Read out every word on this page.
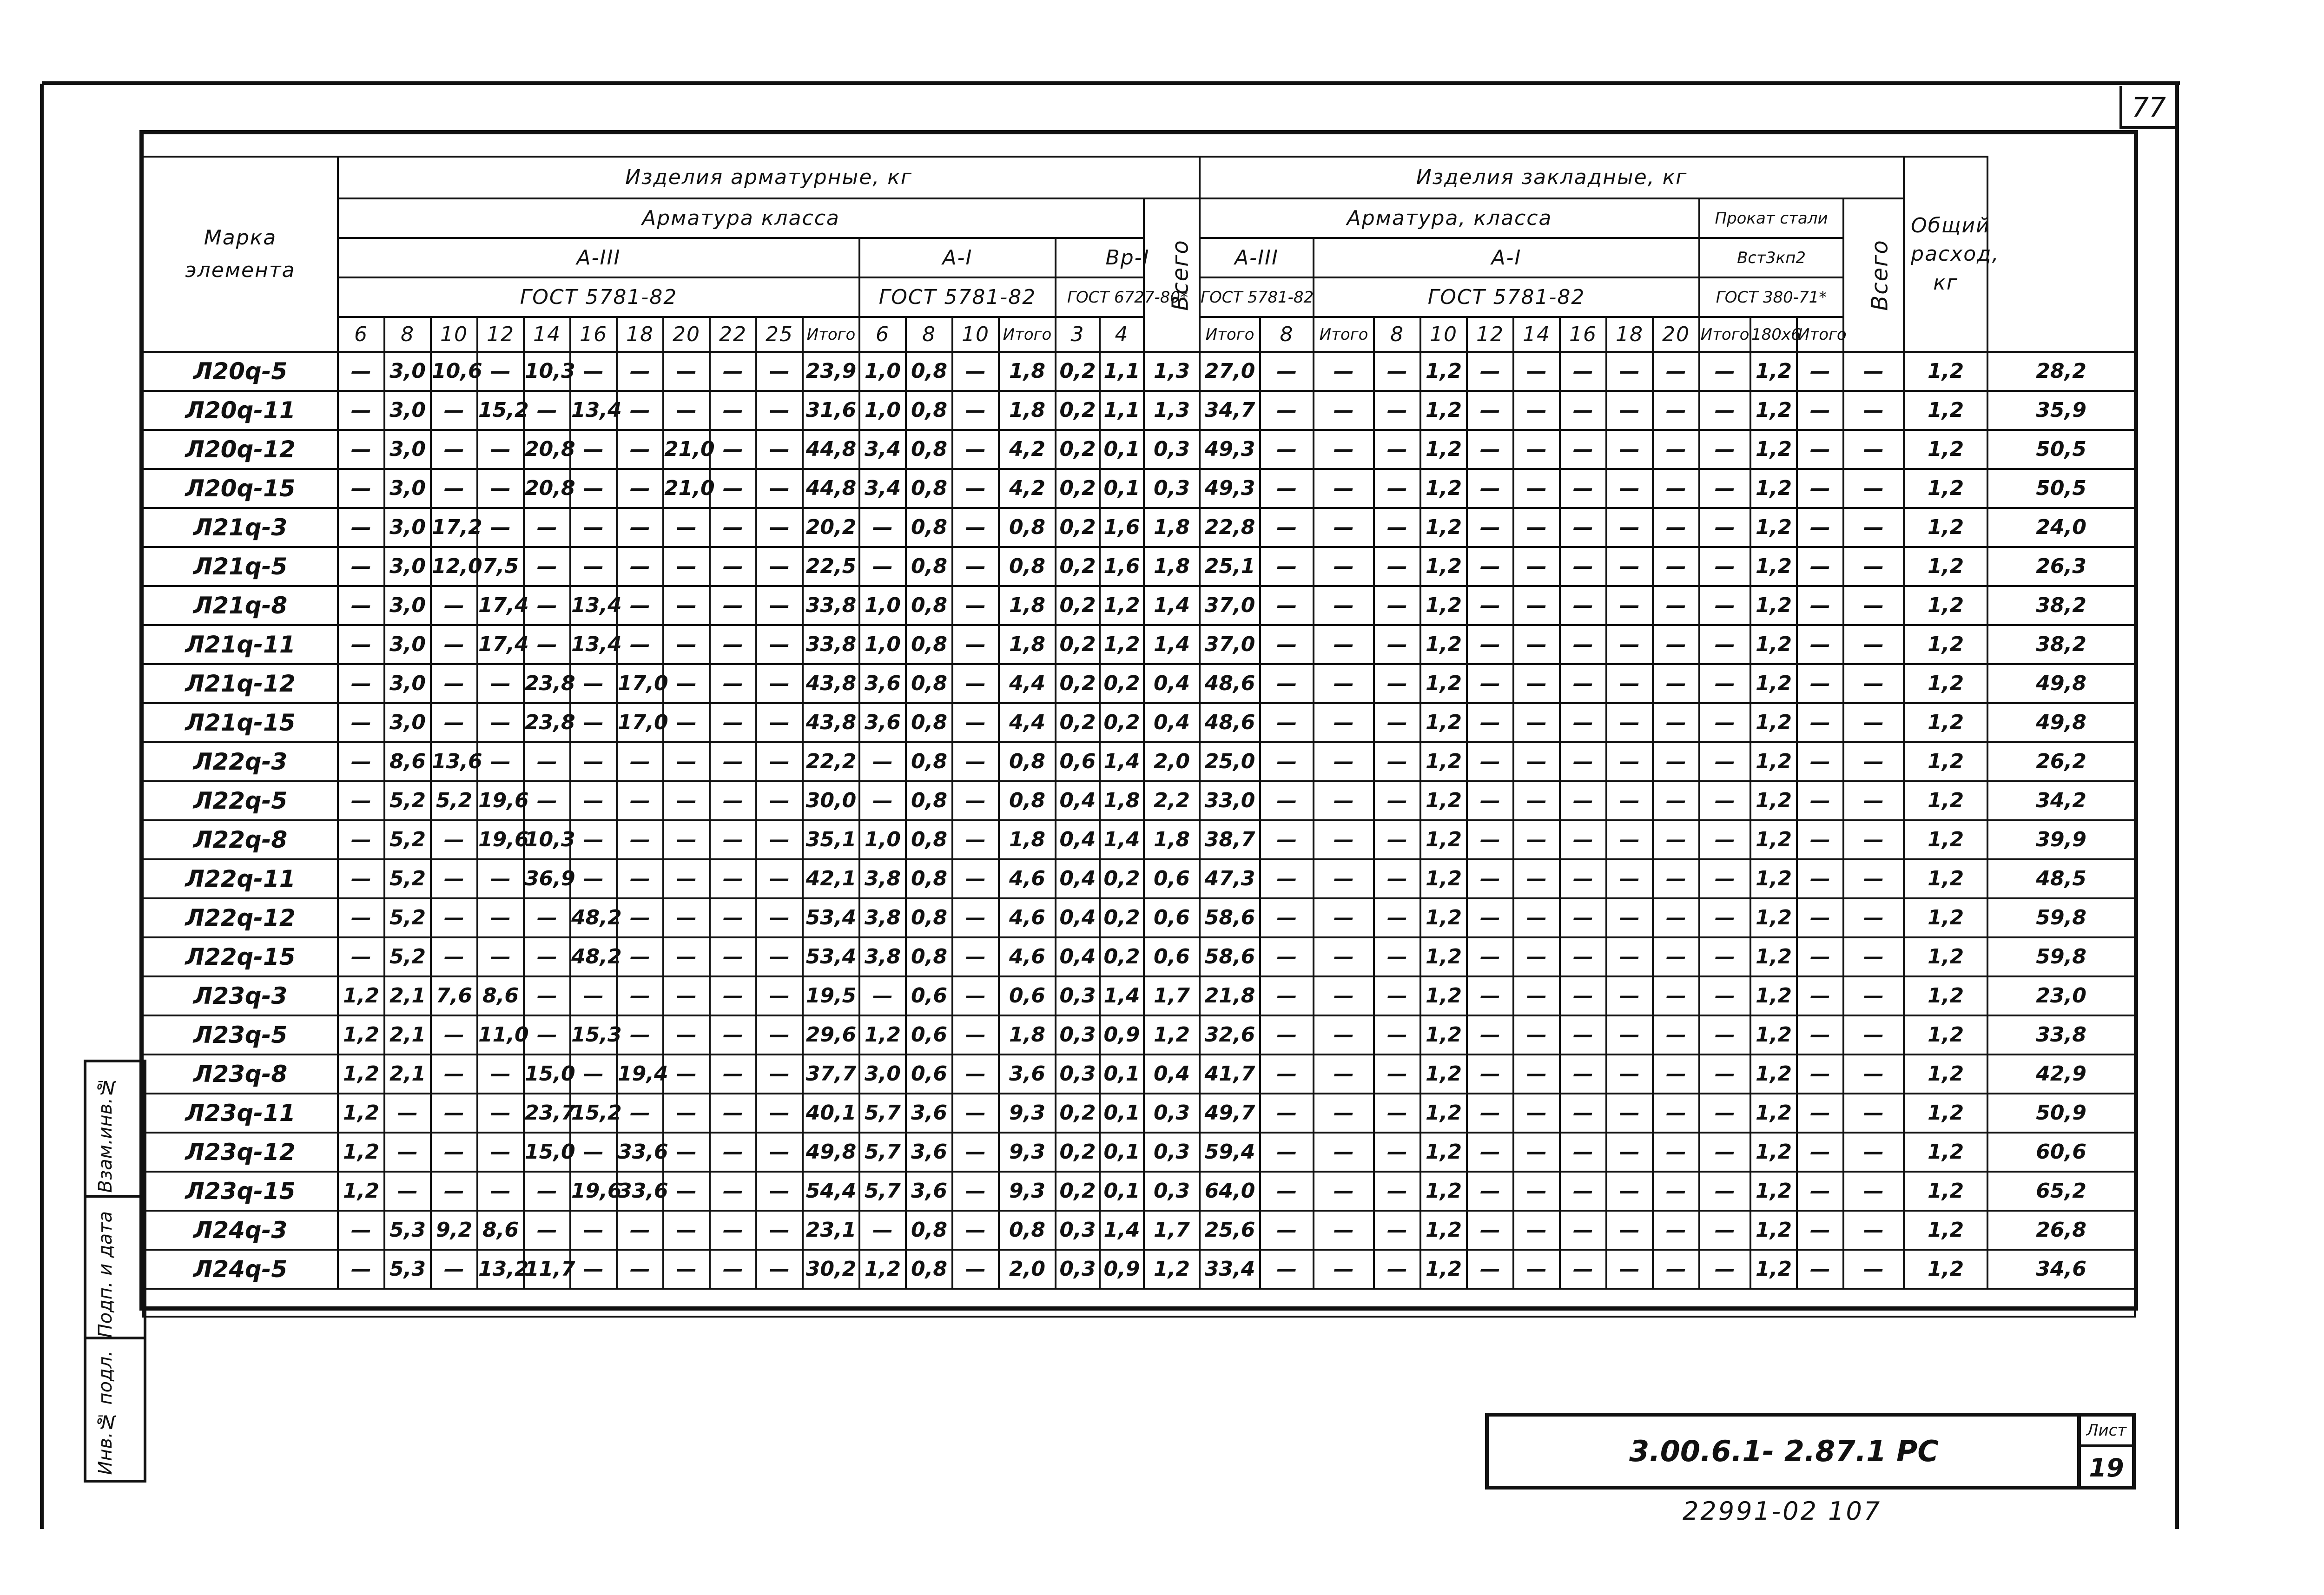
77
Марка элемента	Изделия арматурные, кг																		Изделия закладные, кг														Общий расход, кг	
	Арматура класса																	Всего	Арматура, класса										Прокат стали			Всего		
	А-III											А-I				Вр-I			А-III		А-I								Вст3кп2					
	ГОСТ 5781-82											ГОСТ 5781-82				ГОСТ 6727-80*			ГОСТ 5781-82		ГОСТ 5781-82								ГОСТ 380-71*					
	6	8	10	12	14	16	18	20	22	25	Итого	6	8	10	Итого	3	4		Итого	8	Итого	8	10	12	14	16	18	20	Итого	180х6	Итого			
Л20q-5	—	3,0	10,6	—	10,3	—	—	—	—	—	23,9	1,0	0,8	—	1,8	0,2	1,1	1,3	27,0	—	—	—	1,2	—	—	—	—	—	—	1,2	—	—	1,2	28,2
Л20q-11	—	3,0	—	15,2	—	13,4	—	—	—	—	31,6	1,0	0,8	—	1,8	0,2	1,1	1,3	34,7	—	—	—	1,2	—	—	—	—	—	—	1,2	—	—	1,2	35,9
Л20q-12	—	3,0	—	—	20,8	—	—	21,0	—	—	44,8	3,4	0,8	—	4,2	0,2	0,1	0,3	49,3	—	—	—	1,2	—	—	—	—	—	—	1,2	—	—	1,2	50,5
Л20q-15	—	3,0	—	—	20,8	—	—	21,0	—	—	44,8	3,4	0,8	—	4,2	0,2	0,1	0,3	49,3	—	—	—	1,2	—	—	—	—	—	—	1,2	—	—	1,2	50,5
Л21q-3	—	3,0	17,2	—	—	—	—	—	—	—	20,2	—	0,8	—	0,8	0,2	1,6	1,8	22,8	—	—	—	1,2	—	—	—	—	—	—	1,2	—	—	1,2	24,0
Л21q-5	—	3,0	12,0	7,5	—	—	—	—	—	—	22,5	—	0,8	—	0,8	0,2	1,6	1,8	25,1	—	—	—	1,2	—	—	—	—	—	—	1,2	—	—	1,2	26,3
Л21q-8	—	3,0	—	17,4	—	13,4	—	—	—	—	33,8	1,0	0,8	—	1,8	0,2	1,2	1,4	37,0	—	—	—	1,2	—	—	—	—	—	—	1,2	—	—	1,2	38,2
Л21q-11	—	3,0	—	17,4	—	13,4	—	—	—	—	33,8	1,0	0,8	—	1,8	0,2	1,2	1,4	37,0	—	—	—	1,2	—	—	—	—	—	—	1,2	—	—	1,2	38,2
Л21q-12	—	3,0	—	—	23,8	—	17,0	—	—	—	43,8	3,6	0,8	—	4,4	0,2	0,2	0,4	48,6	—	—	—	1,2	—	—	—	—	—	—	1,2	—	—	1,2	49,8
Л21q-15	—	3,0	—	—	23,8	—	17,0	—	—	—	43,8	3,6	0,8	—	4,4	0,2	0,2	0,4	48,6	—	—	—	1,2	—	—	—	—	—	—	1,2	—	—	1,2	49,8
Л22q-3	—	8,6	13,6	—	—	—	—	—	—	—	22,2	—	0,8	—	0,8	0,6	1,4	2,0	25,0	—	—	—	1,2	—	—	—	—	—	—	1,2	—	—	1,2	26,2
Л22q-5	—	5,2	5,2	19,6	—	—	—	—	—	—	30,0	—	0,8	—	0,8	0,4	1,8	2,2	33,0	—	—	—	1,2	—	—	—	—	—	—	1,2	—	—	1,2	34,2
Л22q-8	—	5,2	—	19,6	10,3	—	—	—	—	—	35,1	1,0	0,8	—	1,8	0,4	1,4	1,8	38,7	—	—	—	1,2	—	—	—	—	—	—	1,2	—	—	1,2	39,9
Л22q-11	—	5,2	—	—	36,9	—	—	—	—	—	42,1	3,8	0,8	—	4,6	0,4	0,2	0,6	47,3	—	—	—	1,2	—	—	—	—	—	—	1,2	—	—	1,2	48,5
Л22q-12	—	5,2	—	—	—	48,2	—	—	—	—	53,4	3,8	0,8	—	4,6	0,4	0,2	0,6	58,6	—	—	—	1,2	—	—	—	—	—	—	1,2	—	—	1,2	59,8
Л22q-15	—	5,2	—	—	—	48,2	—	—	—	—	53,4	3,8	0,8	—	4,6	0,4	0,2	0,6	58,6	—	—	—	1,2	—	—	—	—	—	—	1,2	—	—	1,2	59,8
Л23q-3	1,2	2,1	7,6	8,6	—	—	—	—	—	—	19,5	—	0,6	—	0,6	0,3	1,4	1,7	21,8	—	—	—	1,2	—	—	—	—	—	—	1,2	—	—	1,2	23,0
Л23q-5	1,2	2,1	—	11,0	—	15,3	—	—	—	—	29,6	1,2	0,6	—	1,8	0,3	0,9	1,2	32,6	—	—	—	1,2	—	—	—	—	—	—	1,2	—	—	1,2	33,8
Л23q-8	1,2	2,1	—	—	15,0	—	19,4	—	—	—	37,7	3,0	0,6	—	3,6	0,3	0,1	0,4	41,7	—	—	—	1,2	—	—	—	—	—	—	1,2	—	—	1,2	42,9
Л23q-11	1,2	—	—	—	23,7	15,2	—	—	—	—	40,1	5,7	3,6	—	9,3	0,2	0,1	0,3	49,7	—	—	—	1,2	—	—	—	—	—	—	1,2	—	—	1,2	50,9
Л23q-12	1,2	—	—	—	15,0	—	33,6	—	—	—	49,8	5,7	3,6	—	9,3	0,2	0,1	0,3	59,4	—	—	—	1,2	—	—	—	—	—	—	1,2	—	—	1,2	60,6
Л23q-15	1,2	—	—	—	—	19,6	33,6	—	—	—	54,4	5,7	3,6	—	9,3	0,2	0,1	0,3	64,0	—	—	—	1,2	—	—	—	—	—	—	1,2	—	—	1,2	65,2
Л24q-3	—	5,3	9,2	8,6	—	—	—	—	—	—	23,1	—	0,8	—	0,8	0,3	1,4	1,7	25,6	—	—	—	1,2	—	—	—	—	—	—	1,2	—	—	1,2	26,8
Л24q-5	—	5,3	—	13,2	11,7	—	—	—	—	—	30,2	1,2	0,8	—	2,0	0,3	0,9	1,2	33,4	—	—	—	1,2	—	—	—	—	—	—	1,2	—	—	1,2	34,6

Взам.инв.№
Подп. и дата
Инв.№ подл.	3.00.6.1- 2.87.1 РС
Лист
19
22991-02 107
